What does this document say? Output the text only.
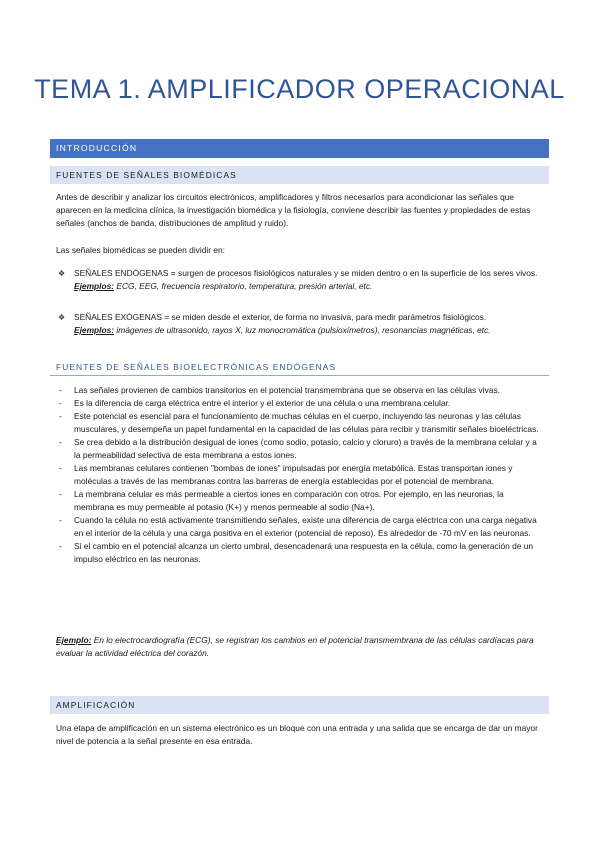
TEMA 1. AMPLIFICADOR OPERACIONAL
INTRODUCCIÓN
FUENTES DE SEÑALES BIOMÉDICAS
Antes de describir y analizar los circuitos electrónicos, amplificadores y filtros necesarios para acondicionar las señales que aparecen en la medicina clínica, la investigación biomédica y la fisiología, conviene describir las fuentes y propiedades de estas señales (anchos de banda, distribuciones de amplitud y ruido).
Las señales biomédicas se pueden dividir en:
❖ SEÑALES ENDÓGENAS = surgen de procesos fisiológicos naturales y se miden dentro o en la superficie de los seres vivos. Ejemplos: ECG, EEG, frecuencia respiratorio, temperatura, presión arterial, etc.
❖ SEÑALES EXÓGENAS = se miden desde el exterior, de forma no invasiva, para medir parámetros fisiológicos.
Ejemplos: imágenes de ultrasonido, rayos X, luz monocromática (pulsioxímetros), resonancias magnéticas, etc.
FUENTES DE SEÑALES BIOELECTRÓNICAS ENDÓGENAS
- Las señales provienen de cambios transitorios en el potencial transmembrana que se observa en las células vivas.
- Es la diferencia de carga eléctrica entre el interior y el exterior de una célula o una membrana celular.
- Este potencial es esencial para el funcionamiento de muchas células en el cuerpo, incluyendo las neuronas y las células musculares, y desempeña un papel fundamental en la capacidad de las células para recibir y transmitir señales bioeléctricas.
- Se crea debido a la distribución desigual de iones (como sodio, potasio, calcio y cloruro) a través de la membrana celular y a la permeabilidad selectiva de esta membrana a estos iones.
- Las membranas celulares contienen "bombas de iones" impulsadas por energía metabólica. Estas transportan iones y moléculas a través de las membranas contra las barreras de energía establecidas por el potencial de membrana.
- La membrana celular es más permeable a ciertos iones en comparación con otros. Por ejemplo, en las neuronas, la membrana es muy permeable al potasio (K+) y menos permeable al sodio (Na+).
- Cuando la célula no está activamente transmitiendo señales, existe una diferencia de carga eléctrica con una carga negativa en el interior de la célula y una carga positiva en el exterior (potencial de reposo). Es alrededor de -70 mV en las neuronas.
- Si el cambio en el potencial alcanza un cierto umbral, desencadenará una respuesta en la célula, como la generación de un impulso eléctrico en las neuronas.
Ejemplo: En lo electrocardiografía (ECG), se registran los cambios en el potencial transmembrana de las células cardíacas para evaluar la actividad eléctrica del corazón.
AMPLIFICACIÓN
Una etapa de amplificación en un sistema electrónico es un bloque con una entrada y una salida que se encarga de dar un mayor nivel de potencia a la señal presente en esa entrada.
